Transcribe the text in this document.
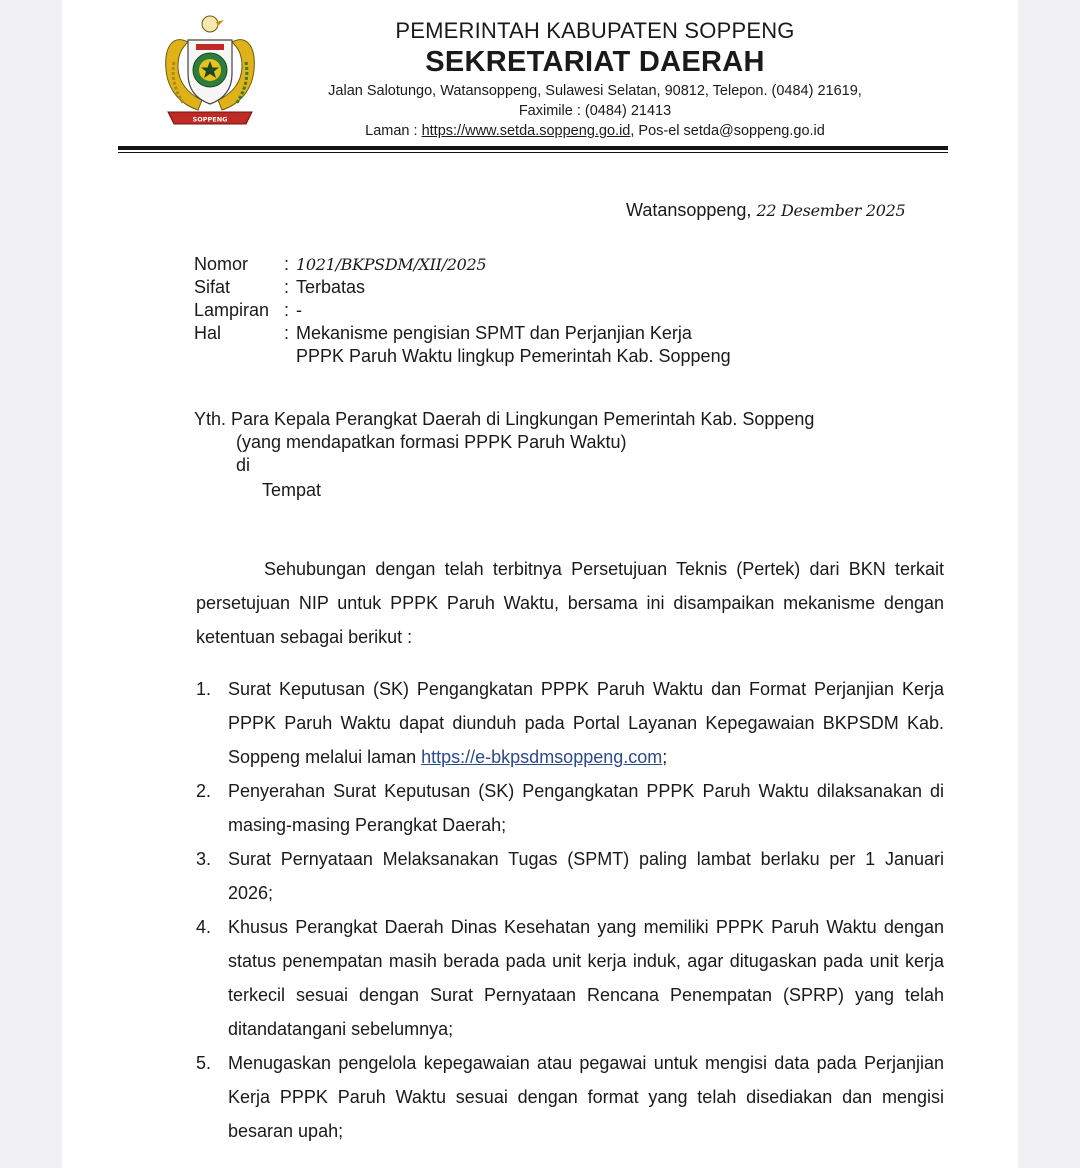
SOPPENG
PEMERINTAH KABUPATEN SOPPENG
SEKRETARIAT DAERAH
Jalan Salotungo, Watansoppeng, Sulawesi Selatan, 90812, Telepon. (0484) 21619,
Faximile : (0484) 21413
Laman : https://www.setda.soppeng.go.id, Pos-el setda@soppeng.go.id
Watansoppeng, 22 Desember 2025
Nomor	: 1021/BKPSDM/XII/2025
Sifat	: Terbatas
Lampiran : -
Hal	: Mekanisme pengisian SPMT dan Perjanjian Kerja
PPPK Paruh Waktu lingkup Pemerintah Kab. Soppeng
Yth. Para Kepala Perangkat Daerah di Lingkungan Pemerintah Kab. Soppeng
(yang mendapatkan formasi PPPK Paruh Waktu)
di
Tempat
Sehubungan dengan telah terbitnya Persetujuan Teknis (Pertek) dari BKN terkait persetujuan NIP untuk PPPK Paruh Waktu, bersama ini disampaikan mekanisme dengan ketentuan sebagai berikut :
1. Surat Keputusan (SK) Pengangkatan PPPK Paruh Waktu dan Format Perjanjian Kerja PPPK Paruh Waktu dapat diunduh pada Portal Layanan Kepegawaian BKPSDM Kab. Soppeng melalui laman https://e-bkpsdmsoppeng.com;
2. Penyerahan Surat Keputusan (SK) Pengangkatan PPPK Paruh Waktu dilaksanakan di masing-masing Perangkat Daerah;
3. Surat Pernyataan Melaksanakan Tugas (SPMT) paling lambat berlaku per 1 Januari 2026;
4. Khusus Perangkat Daerah Dinas Kesehatan yang memiliki PPPK Paruh Waktu dengan status penempatan masih berada pada unit kerja induk, agar ditugaskan pada unit kerja terkecil sesuai dengan Surat Pernyataan Rencana Penempatan (SPRP) yang telah ditandatangani sebelumnya;
5. Menugaskan pengelola kepegawaian atau pegawai untuk mengisi data pada Perjanjian Kerja PPPK Paruh Waktu sesuai dengan format yang telah disediakan dan mengisi besaran upah;
